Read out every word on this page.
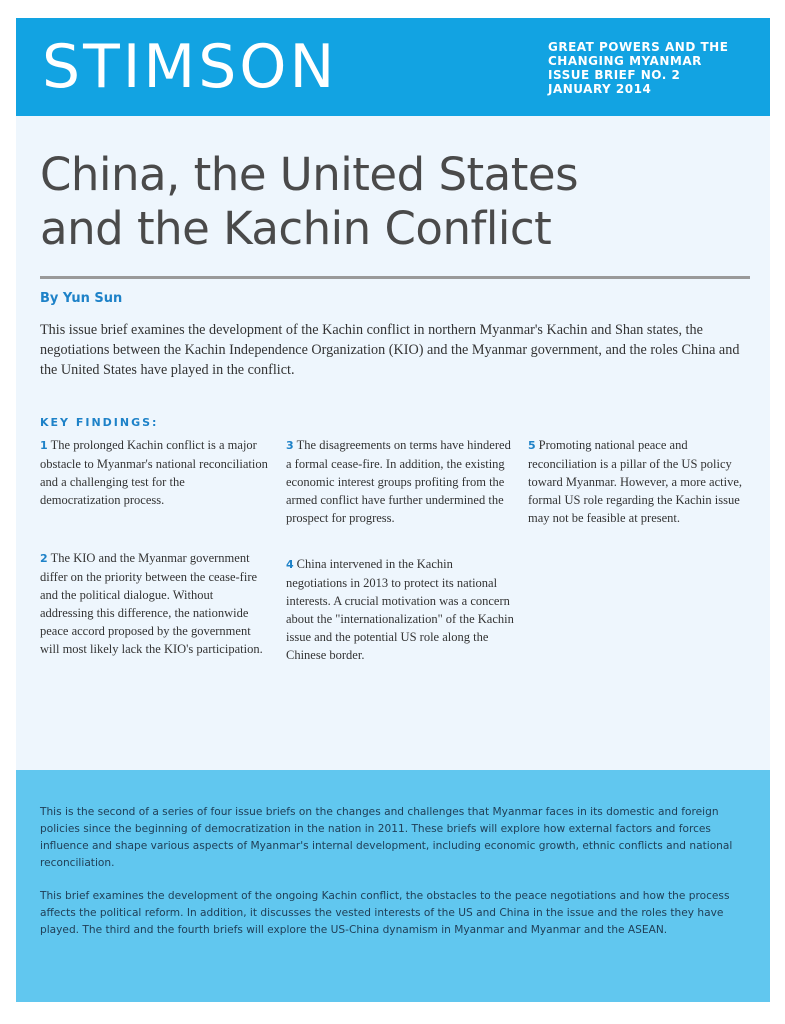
STIMSON	GREAT POWERS AND THE
CHANGING MYANMAR
ISSUE BRIEF NO. 2
JANUARY 2014
China, the United States
and the Kachin Conflict
By Yun Sun
This issue brief examines the development of the Kachin conflict in northern Myanmar's Kachin and Shan states, the negotiations between the Kachin Independence Organization (KIO) and the Myanmar government, and the roles China and the United States have played in the conflict.
KEY FINDINGS:

1 The prolonged Kachin conflict is a major obstacle to Myanmar's national reconciliation and a challenging test for the democratization process.

2 The KIO and the Myanmar government differ on the priority between the cease-fire and the political dialogue. Without addressing this difference, the nationwide peace accord proposed by the government will most likely lack the KIO's participation.

3 The disagreements on terms have hindered a formal cease-fire. In addition, the existing economic interest groups profiting from the armed conflict have further undermined the prospect for progress.

4 China intervened in the Kachin negotiations in 2013 to protect its national interests. A crucial motivation was a concern about the "internationalization" of the Kachin issue and the potential US role along the Chinese border.

5 Promoting national peace and reconciliation is a pillar of the US policy toward Myanmar. However, a more active, formal US role regarding the Kachin issue may not be feasible at present.

This is the second of a series of four issue briefs on the changes and challenges that Myanmar faces in its domestic and foreign policies since the beginning of democratization in the nation in 2011. These briefs will explore how external factors and forces influence and shape various aspects of Myanmar's internal development, including economic growth, ethnic conflicts and national reconciliation.

This brief examines the development of the ongoing Kachin conflict, the obstacles to the peace negotiations and how the process affects the political reform. In addition, it discusses the vested interests of the US and China in the issue and the roles they have played. The third and the fourth briefs will explore the US-China dynamism in Myanmar and Myanmar and the ASEAN.
